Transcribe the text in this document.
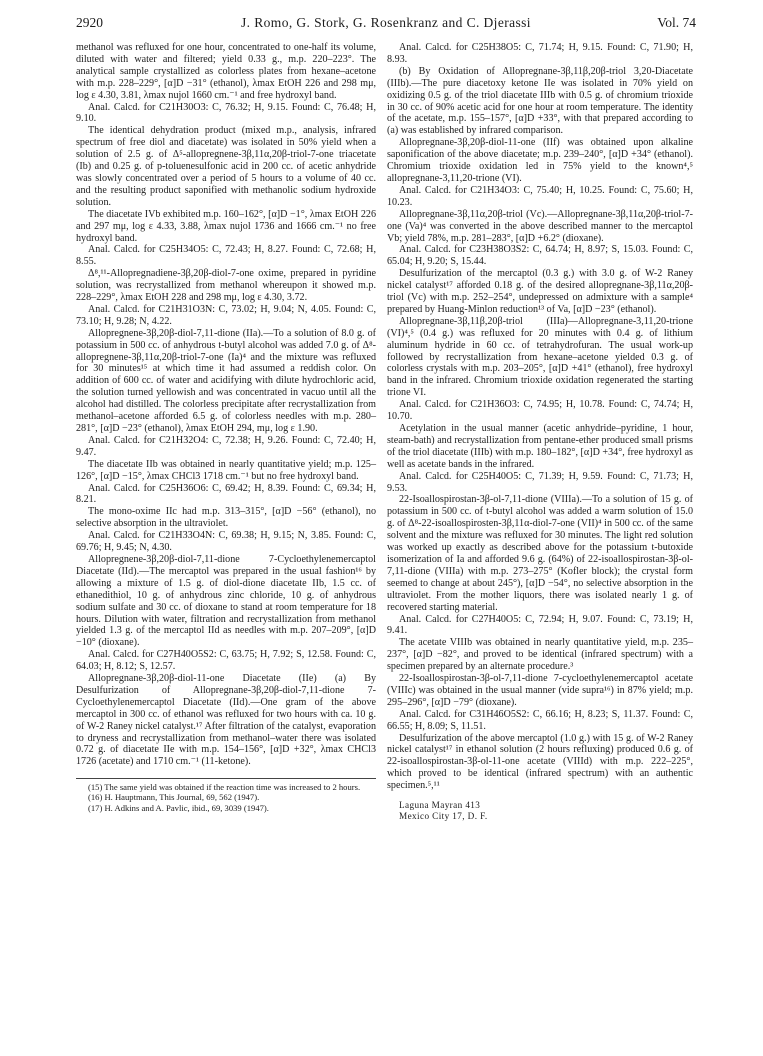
2920	J. Romo, G. Stork, G. Rosenkranz and C. Djerassi	Vol. 74

methanol was refluxed for one hour, concentrated to one-half its volume, diluted with water and filtered; yield 0.33 g., m.p. 220–223°. The analytical sample crystallized as colorless plates from hexane–acetone with m.p. 228–229°, [α]D −31° (ethanol), λmax EtOH 226 and 298 mμ, log ε 4.30, 3.81, λmax nujol 1660 cm.⁻¹ and free hydroxyl band.

Anal. Calcd. for C21H30O3: C, 76.32; H, 9.15. Found: C, 76.48; H, 9.10.

The identical dehydration product (mixed m.p., analysis, infrared spectrum of free diol and diacetate) was isolated in 50% yield when a solution of 2.5 g. of Δ⁵-allopregnene-3β,11α,20β-triol-7-one triacetate (Ib) and 0.25 g. of p-toluenesulfonic acid in 200 cc. of acetic anhydride was slowly concentrated over a period of 5 hours to a volume of 40 cc. and the resulting product saponified with methanolic sodium hydroxide solution.

The diacetate IVb exhibited m.p. 160–162°, [α]D −1°, λmax EtOH 226 and 297 mμ, log ε 4.33, 3.88, λmax nujol 1736 and 1666 cm.⁻¹ no free hydroxyl band.

Anal. Calcd. for C25H34O5: C, 72.43; H, 8.27. Found: C, 72.68; H, 8.55.

Δ⁸,¹¹-Allopregnadiene-3β,20β-diol-7-one oxime, prepared in pyridine solution, was recrystallized from methanol whereupon it showed m.p. 228–229°, λmax EtOH 228 and 298 mμ, log ε 4.30, 3.72.

Anal. Calcd. for C21H31O3N: C, 73.02; H, 9.04; N, 4.05. Found: C, 73.10; H, 9.28; N, 4.22.

Allopregnene-3β,20β-diol-7,11-dione (IIa).—To a solution of 8.0 g. of potassium in 500 cc. of anhydrous t-butyl alcohol was added 7.0 g. of Δ⁸-allopregnene-3β,11α,20β-triol-7-one (Ia)⁴ and the mixture was refluxed for 30 minutes¹⁵ at which time it had assumed a reddish color. On addition of 600 cc. of water and acidifying with dilute hydrochloric acid, the solution turned yellowish and was concentrated in vacuo until all the alcohol had distilled. The colorless precipitate after recrystallization from methanol–acetone afforded 6.5 g. of colorless needles with m.p. 280–281°, [α]D −23° (ethanol), λmax EtOH 294, mμ, log ε 1.90.

Anal. Calcd. for C21H32O4: C, 72.38; H, 9.26. Found: C, 72.40; H, 9.47.

The diacetate IIb was obtained in nearly quantitative yield; m.p. 125–126°, [α]D −15°, λmax CHCl3 1718 cm.⁻¹ but no free hydroxyl band.

Anal. Calcd. for C25H36O6: C, 69.42; H, 8.39. Found: C, 69.34; H, 8.21.

The mono-oxime IIc had m.p. 313–315°, [α]D −56° (ethanol), no selective absorption in the ultraviolet.

Anal. Calcd. for C21H33O4N: C, 69.38; H, 9.15; N, 3.85. Found: C, 69.76; H, 9.45; N, 4.30.

Allopregnene-3β,20β-diol-7,11-dione 7-Cycloethylenemercaptol Diacetate (IId).—The mercaptol was prepared in the usual fashion¹⁶ by allowing a mixture of 1.5 g. of diol-dione diacetate IIb, 1.5 cc. of ethanedithiol, 10 g. of anhydrous zinc chloride, 10 g. of anhydrous sodium sulfate and 30 cc. of dioxane to stand at room temperature for 18 hours. Dilution with water, filtration and recrystallization from methanol yielded 1.3 g. of the mercaptol IId as needles with m.p. 207–209°, [α]D −10° (dioxane).

Anal. Calcd. for C27H40O5S2: C, 63.75; H, 7.92; S, 12.58. Found: C, 64.03; H, 8.12; S, 12.57.

Allopregnane-3β,20β-diol-11-one Diacetate (IIe) (a) By Desulfurization of Allopregnane-3β,20β-diol-7,11-dione 7-Cycloethylenemercaptol Diacetate (IId).—One gram of the above mercaptol in 300 cc. of ethanol was refluxed for two hours with ca. 10 g. of W-2 Raney nickel catalyst.¹⁷ After filtration of the catalyst, evaporation to dryness and recrystallization from methanol–water there was isolated 0.72 g. of diacetate IIe with m.p. 154–156°, [α]D +32°, λmax CHCl3 1726 (acetate) and 1710 cm.⁻¹ (11-ketone).

(15) The same yield was obtained if the reaction time was increased to 2 hours.

(16) H. Hauptmann, This Journal, 69, 562 (1947).

(17) H. Adkins and A. Pavlic, ibid., 69, 3039 (1947).

Anal. Calcd. for C25H38O5: C, 71.74; H, 9.15. Found: C, 71.90; H, 8.93.

(b) By Oxidation of Allopregnane-3β,11β,20β-triol 3,20-Diacetate (IIIb).—The pure diacetoxy ketone IIe was isolated in 70% yield on oxidizing 0.5 g. of the triol diacetate IIIb with 0.5 g. of chromium trioxide in 30 cc. of 90% acetic acid for one hour at room temperature. The identity of the acetate, m.p. 155–157°, [α]D +33°, with that prepared according to (a) was established by infrared comparison.

Allopregnane-3β,20β-diol-11-one (IIf) was obtained upon alkaline saponification of the above diacetate; m.p. 239–240°, [α]D +34° (ethanol). Chromium trioxide oxidation led in 75% yield to the known⁴,⁵ allopregnane-3,11,20-trione (VI).

Anal. Calcd. for C21H34O3: C, 75.40; H, 10.25. Found: C, 75.60; H, 10.23.

Allopregnane-3β,11α,20β-triol (Vc).—Allopregnane-3β,11α,20β-triol-7-one (Va)⁴ was converted in the above described manner to the mercaptol Vb; yield 78%, m.p. 281–283°, [α]D +6.2° (dioxane).

Anal. Calcd. for C23H38O3S2: C, 64.74; H, 8.97; S, 15.03. Found: C, 65.04; H, 9.20; S, 15.44.

Desulfurization of the mercaptol (0.3 g.) with 3.0 g. of W-2 Raney nickel catalyst¹⁷ afforded 0.18 g. of the desired allopregnane-3β,11α,20β-triol (Vc) with m.p. 252–254°, undepressed on admixture with a sample⁴ prepared by Huang-Minlon reduction¹³ of Va, [α]D −23° (ethanol).

Allopregnane-3β,11β,20β-triol (IIIa)—Allopregnane-3,11,20-trione (VI)⁴,⁵ (0.4 g.) was refluxed for 20 minutes with 0.4 g. of lithium aluminum hydride in 60 cc. of tetrahydrofuran. The usual work-up followed by recrystallization from hexane–acetone yielded 0.3 g. of colorless crystals with m.p. 203–205°, [α]D +41° (ethanol), free hydroxyl band in the infrared. Chromium trioxide oxidation regenerated the starting trione VI.

Anal. Calcd. for C21H36O3: C, 74.95; H, 10.78. Found: C, 74.74; H, 10.70.

Acetylation in the usual manner (acetic anhydride–pyridine, 1 hour, steam-bath) and recrystallization from pentane-ether produced small prisms of the triol diacetate (IIIb) with m.p. 180–182°, [α]D +34°, free hydroxyl as well as acetate bands in the infrared.

Anal. Calcd. for C25H40O5: C, 71.39; H, 9.59. Found: C, 71.73; H, 9.53.

22-Isoallospirostan-3β-ol-7,11-dione (VIIIa).—To a solution of 15 g. of potassium in 500 cc. of t-butyl alcohol was added a warm solution of 15.0 g. of Δ⁸-22-isoallospirosten-3β,11α-diol-7-one (VII)⁴ in 500 cc. of the same solvent and the mixture was refluxed for 30 minutes. The light red solution was worked up exactly as described above for the potassium t-butoxide isomerization of Ia and afforded 9.6 g. (64%) of 22-isoallospirostan-3β-ol-7,11-dione (VIIIa) with m.p. 273–275° (Kofler block); the crystal form seemed to change at about 245°), [α]D −54°, no selective absorption in the ultraviolet. From the mother liquors, there was isolated nearly 1 g. of recovered starting material.

Anal. Calcd. for C27H40O5: C, 72.94; H, 9.07. Found: C, 73.19; H, 9.41.

The acetate VIIIb was obtained in nearly quantitative yield, m.p. 235–237°, [α]D −82°, and proved to be identical (infrared spectrum) with a specimen prepared by an alternate procedure.³

22-Isoallospirostan-3β-ol-7,11-dione 7-cycloethylenemercaptol acetate (VIIIc) was obtained in the usual manner (vide supra¹⁶) in 87% yield; m.p. 295–296°, [α]D −79° (dioxane).

Anal. Calcd. for C31H46O5S2: C, 66.16; H, 8.23; S, 11.37. Found: C, 66.55; H, 8.09; S, 11.51.

Desulfurization of the above mercaptol (1.0 g.) with 15 g. of W-2 Raney nickel catalyst¹⁷ in ethanol solution (2 hours refluxing) produced 0.6 g. of 22-isoallospirostan-3β-ol-11-one acetate (VIIId) with m.p. 222–225°, which proved to be identical (infrared spectrum) with an authentic specimen.⁵,¹¹

Laguna Mayran 413
Mexico City 17, D. F.
